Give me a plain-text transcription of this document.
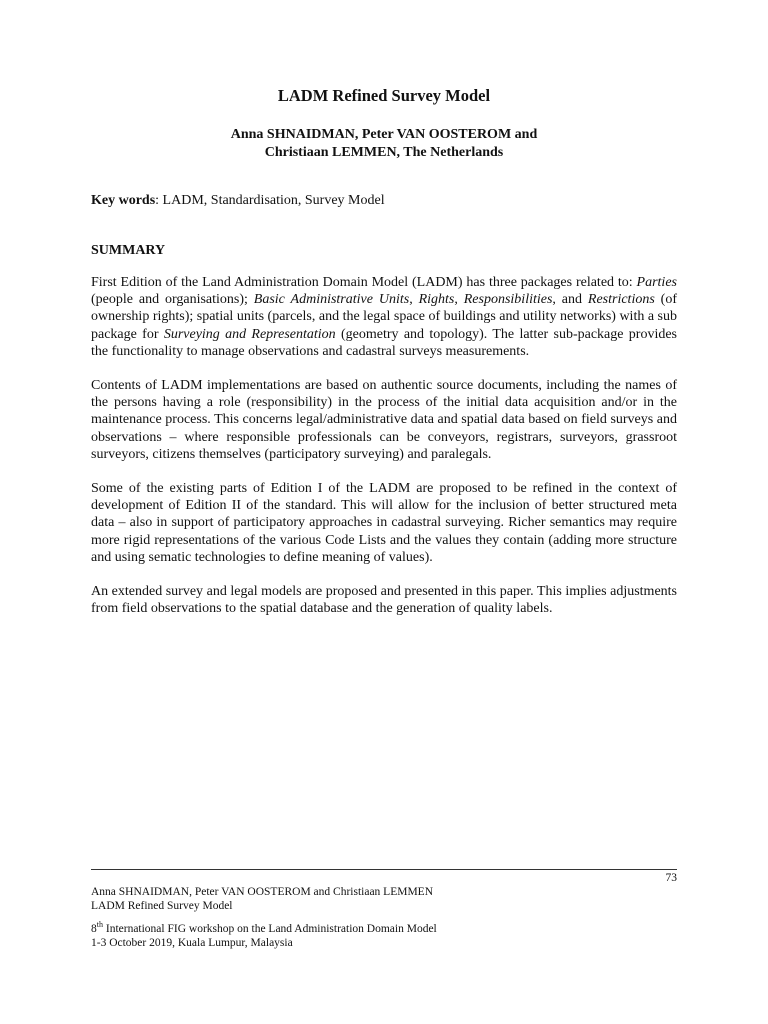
LADM Refined Survey Model
Anna SHNAIDMAN, Peter VAN OOSTEROM and
Christiaan LEMMEN, The Netherlands
Key words: LADM, Standardisation, Survey Model
SUMMARY

First Edition of the Land Administration Domain Model (LADM) has three packages related to: Parties (people and organisations); Basic Administrative Units, Rights, Responsibilities, and Restrictions (of ownership rights); spatial units (parcels, and the legal space of buildings and utility networks) with a sub package for Surveying and Representation (geometry and topology). The latter sub-package provides the functionality to manage observations and cadastral surveys measurements.

Contents of LADM implementations are based on authentic source documents, including the names of the persons having a role (responsibility) in the process of the initial data acquisition and/or in the maintenance process. This concerns legal/administrative data and spatial data based on field surveys and observations – where responsible professionals can be conveyors, registrars, surveyors, grassroot surveyors, citizens themselves (participatory surveying) and paralegals.

Some of the existing parts of Edition I of the LADM are proposed to be refined in the context of development of Edition II of the standard. This will allow for the inclusion of better structured meta data – also in support of participatory approaches in cadastral surveying. Richer semantics may require more rigid representations of the various Code Lists and the values they contain (adding more structure and using sematic technologies to define meaning of values).

An extended survey and legal models are proposed and presented in this paper. This implies adjustments from field observations to the spatial database and the generation of quality labels.

73
Anna SHNAIDMAN, Peter VAN OOSTEROM and Christiaan LEMMEN
LADM Refined Survey Model
8th International FIG workshop on the Land Administration Domain Model
1-3 October 2019, Kuala Lumpur, Malaysia
